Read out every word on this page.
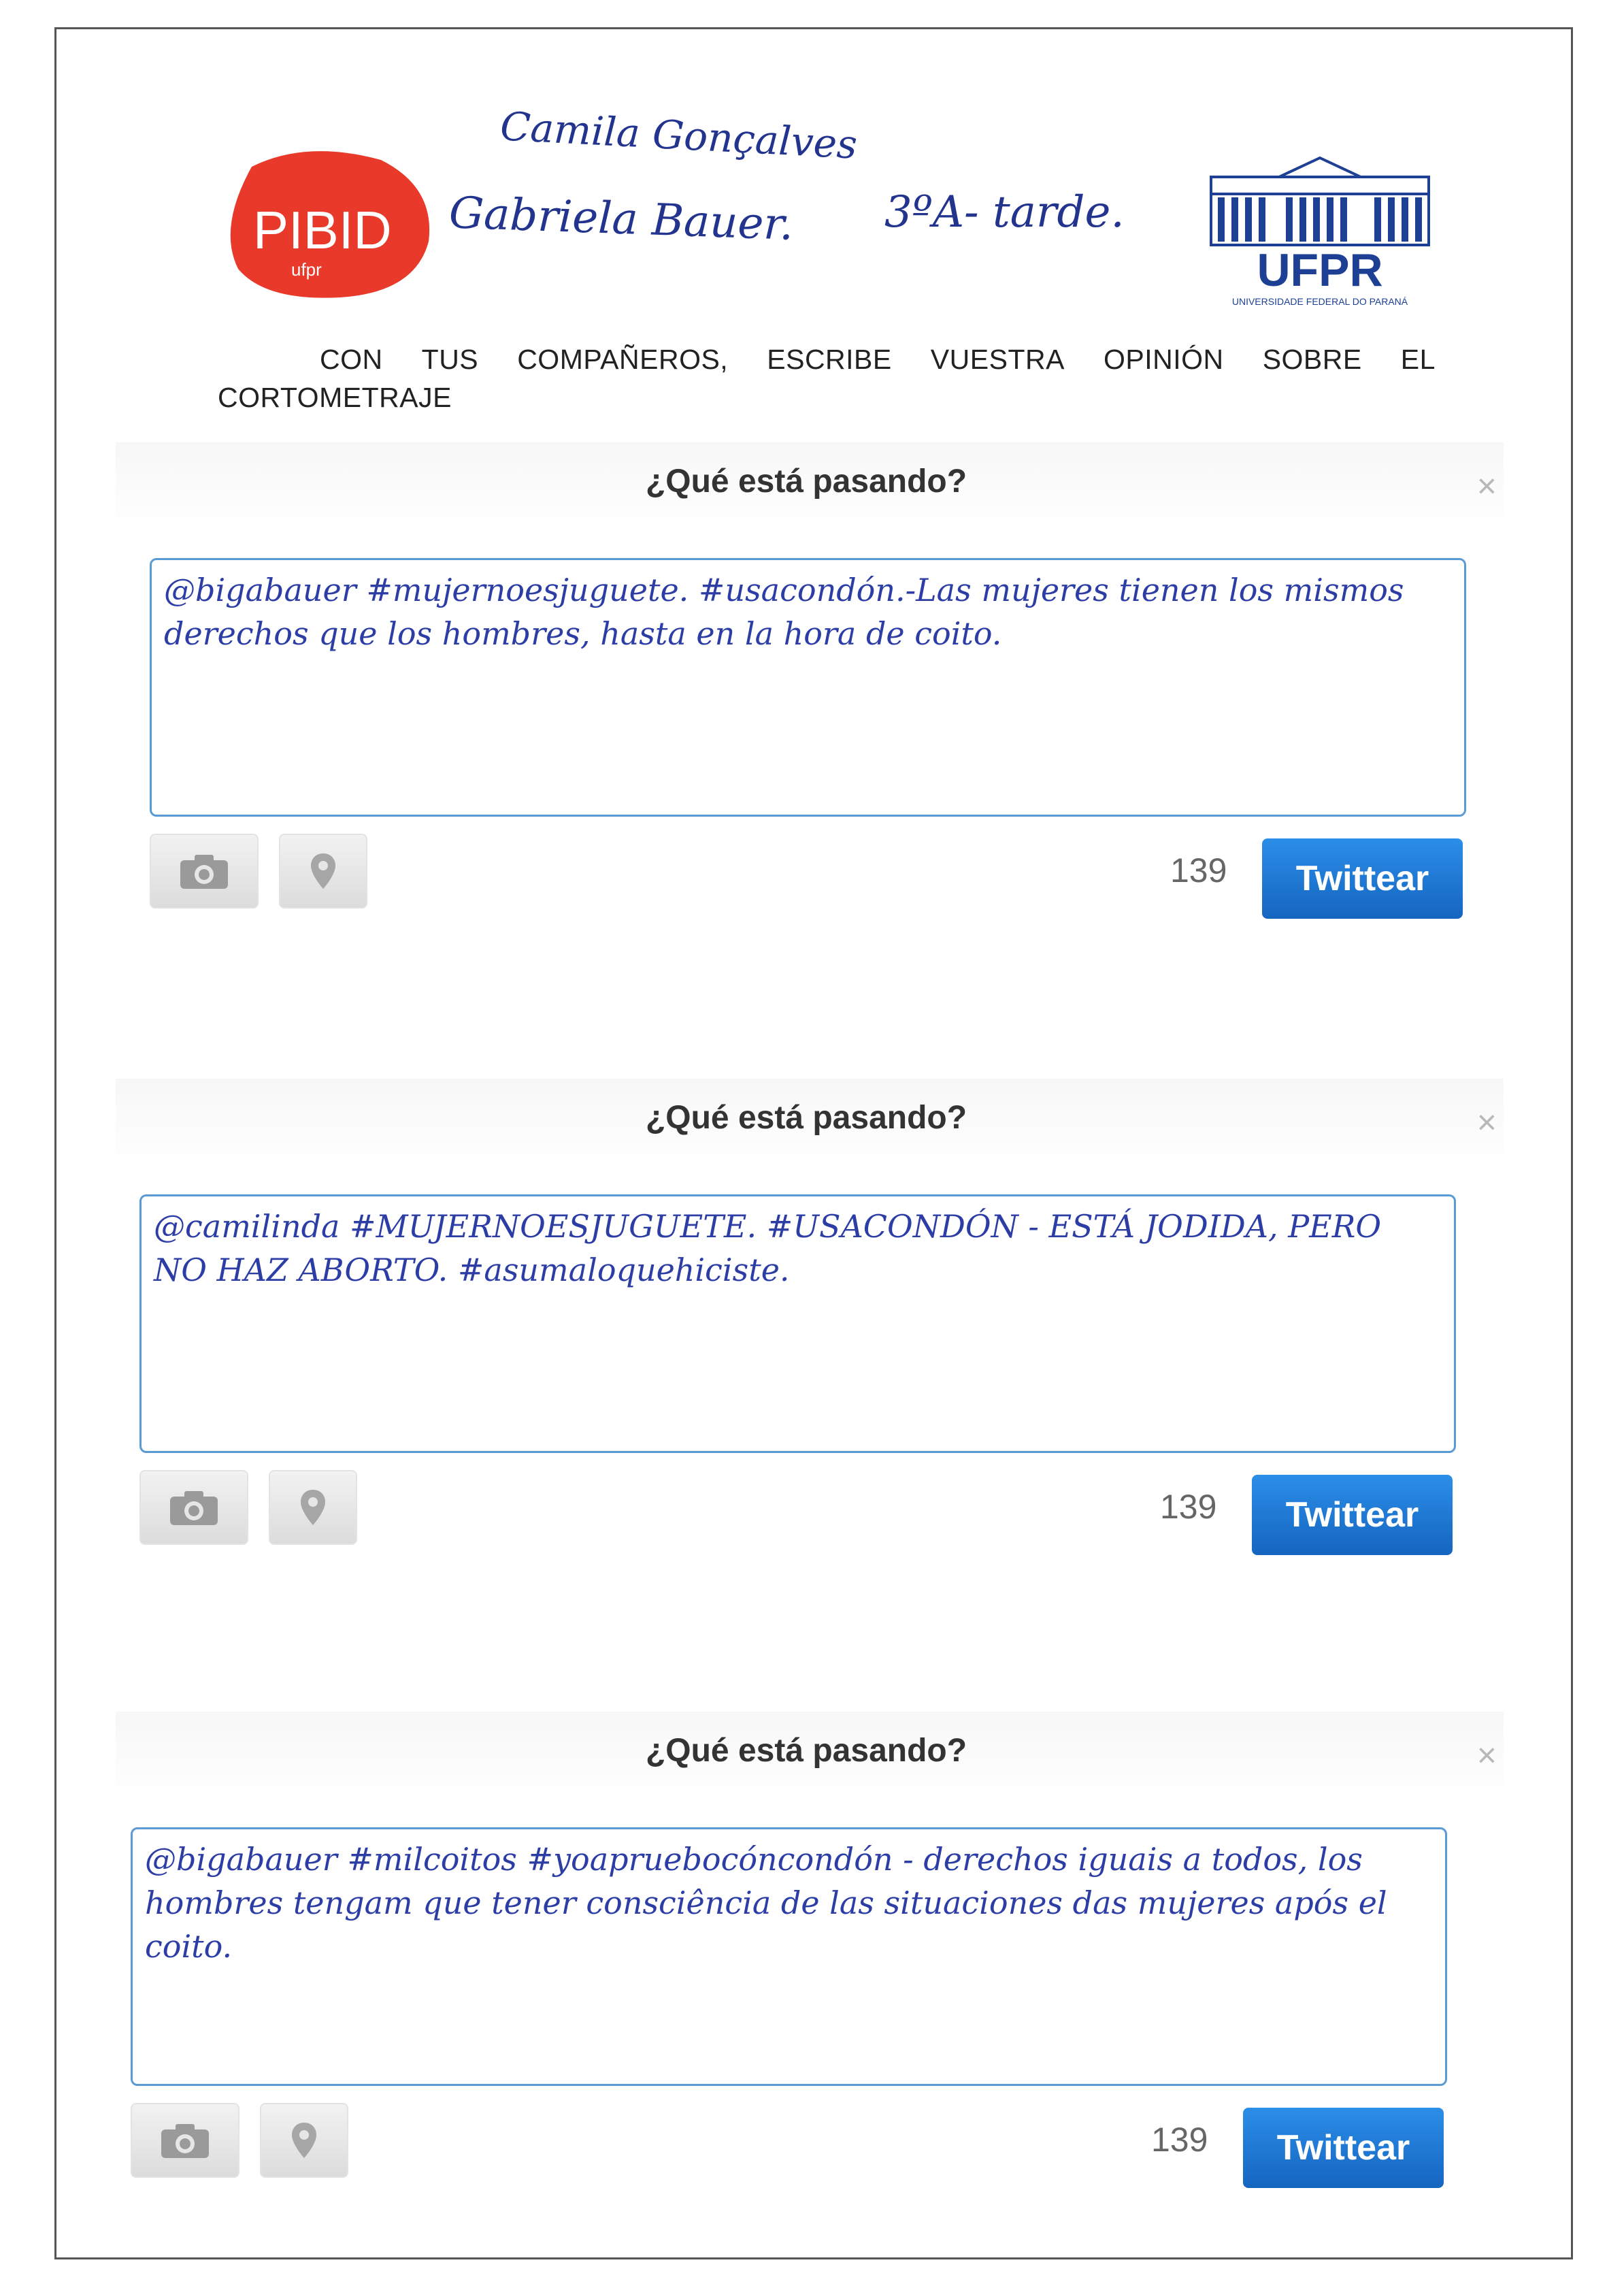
PIBID
ufpr
Camila Gonçalves
Gabriela Bauer. 3ºA- tarde.
UFPR
UNIVERSIDADE FEDERAL DO PARANÁ
CON TUS COMPAÑEROS, ESCRIBE VUESTRA OPINIÓN SOBRE EL
CORTOMETRAJE
¿Qué está pasando?	×
@bigabauer #mujernoesjuguete. #usacondón.-Las mujeres tienen los mismos derechos que los hombres, hasta en la hora de coito.
139	Twittear
¿Qué está pasando?	×
@camilinda #MUJERNOESJUGUETE. #USACONDÓN - ESTÁ JODIDA, PERO NO HAZ ABORTO. #asumaloquehiciste.
139	Twittear
¿Qué está pasando?	×
@bigabauer #milcoitos #yoapruebocóncondón - derechos iguais a todos, los hombres tengam que tener consciência de las situaciones das mujeres após el coito.
139	Twittear
